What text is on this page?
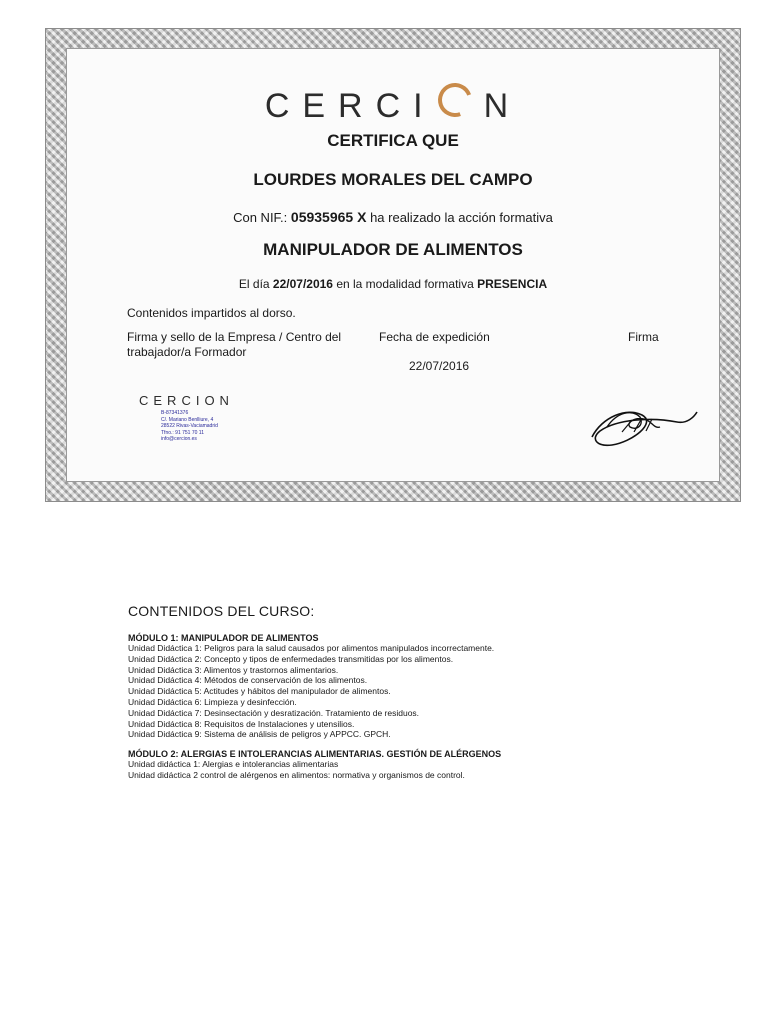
CERCI N
CERTIFICA QUE
LOURDES MORALES DEL CAMPO
Con NIF.: 05935965 X ha realizado la acción formativa
MANIPULADOR DE ALIMENTOS
El día 22/07/2016 en la modalidad formativa PRESENCIA
Contenidos impartidos al dorso.
Firma y sello de la Empresa / Centro del trabajador/a Formador
Fecha de expedición
22/07/2016
Firma
CERCION
B-87341376
C/. Mariano Benlliure, 4
28522 Rivas-Vaciamadrid
Tfno.: 91 751 70 11
info@cercion.es
CONTENIDOS DEL CURSO:
MÓDULO 1: MANIPULADOR DE ALIMENTOS
Unidad Didáctica 1: Peligros para la salud causados por alimentos manipulados incorrectamente.
Unidad Didáctica 2: Concepto y tipos de enfermedades transmitidas por los alimentos.
Unidad Didáctica 3: Alimentos y trastornos alimentarios.
Unidad Didáctica 4: Métodos de conservación de los alimentos.
Unidad Didáctica 5: Actitudes y hábitos del manipulador de alimentos.
Unidad Didáctica 6: Limpieza y desinfección.
Unidad Didáctica 7: Desinsectación y desratización. Tratamiento de residuos.
Unidad Didáctica 8: Requisitos de Instalaciones y utensilios.
Unidad Didáctica 9: Sistema de análisis de peligros y APPCC. GPCH.
MÓDULO 2: ALERGIAS E INTOLERANCIAS ALIMENTARIAS. GESTIÓN DE ALÉRGENOS
Unidad didáctica 1: Alergias e intolerancias alimentarias
Unidad didáctica 2 control de alérgenos en alimentos: normativa y organismos de control.
